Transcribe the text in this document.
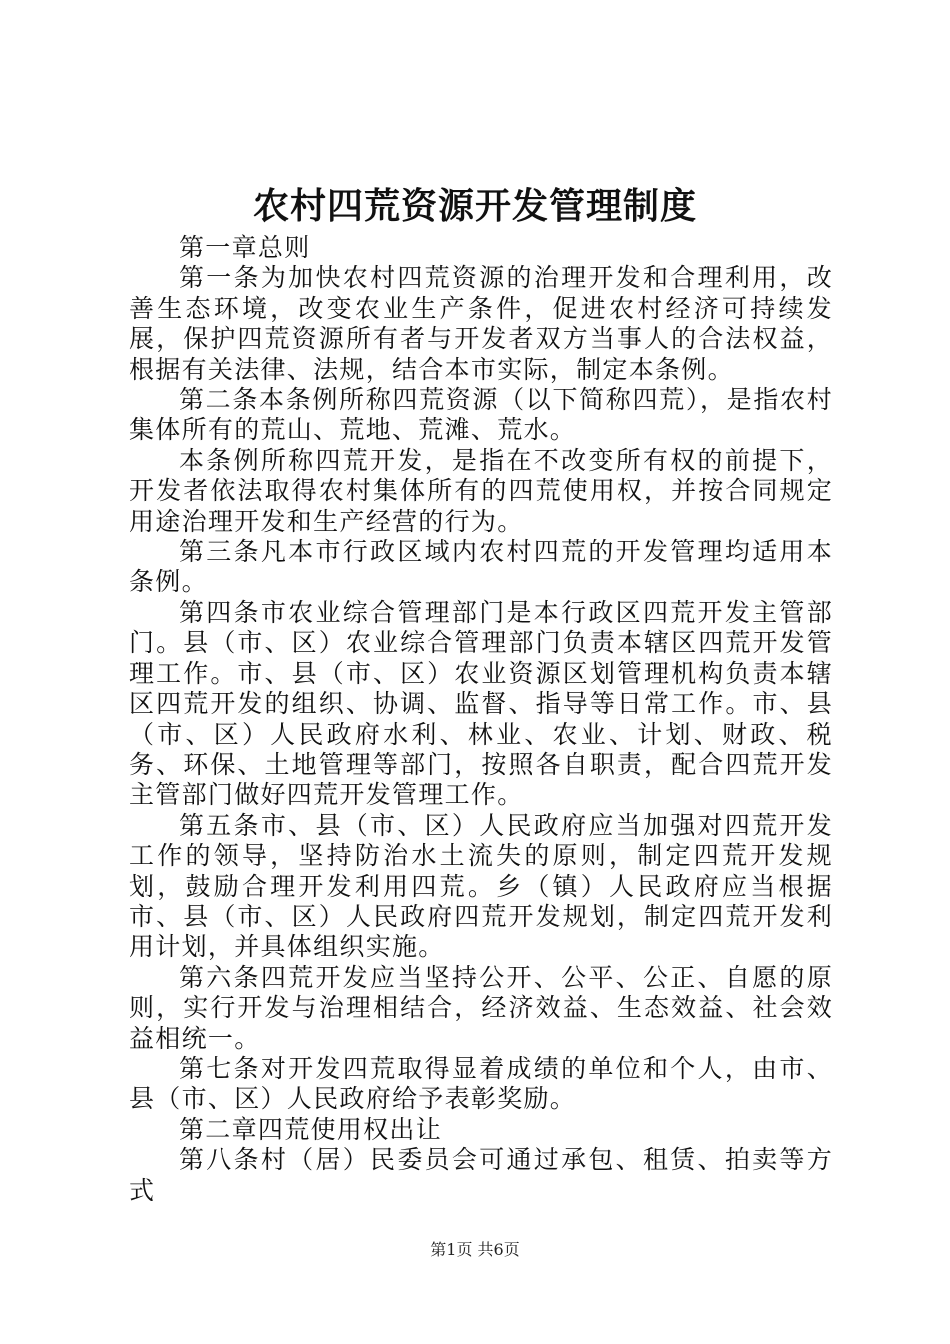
农村四荒资源开发管理制度

第一章总则

第一条为加快农村四荒资源的治理开发和合理利用，改善生态环境，改变农业生产条件，促进农村经济可持续发展，保护四荒资源所有者与开发者双方当事人的合法权益，根据有关法律、法规，结合本市实际，制定本条例。

第二条本条例所称四荒资源（以下简称四荒），是指农村集体所有的荒山、荒地、荒滩、荒水。

本条例所称四荒开发，是指在不改变所有权的前提下，开发者依法取得农村集体所有的四荒使用权，并按合同规定用途治理开发和生产经营的行为。

第三条凡本市行政区域内农村四荒的开发管理均适用本条例。

第四条市农业综合管理部门是本行政区四荒开发主管部门。县（市、区）农业综合管理部门负责本辖区四荒开发管理工作。市、县（市、区）农业资源区划管理机构负责本辖区四荒开发的组织、协调、监督、指导等日常工作。市、县（市、区）人民政府水利、林业、农业、计划、财政、税务、环保、土地管理等部门，按照各自职责，配合四荒开发主管部门做好四荒开发管理工作。

第五条市、县（市、区）人民政府应当加强对四荒开发工作的领导，坚持防治水土流失的原则，制定四荒开发规划，鼓励合理开发利用四荒。乡（镇）人民政府应当根据市、县（市、区）人民政府四荒开发规划，制定四荒开发利用计划，并具体组织实施。

第六条四荒开发应当坚持公开、公平、公正、自愿的原则，实行开发与治理相结合，经济效益、生态效益、社会效益相统一。

第七条对开发四荒取得显着成绩的单位和个人，由市、县（市、区）人民政府给予表彰奖励。

第二章四荒使用权出让

第八条村（居）民委员会可通过承包、租赁、拍卖等方式

第1页 共6页
